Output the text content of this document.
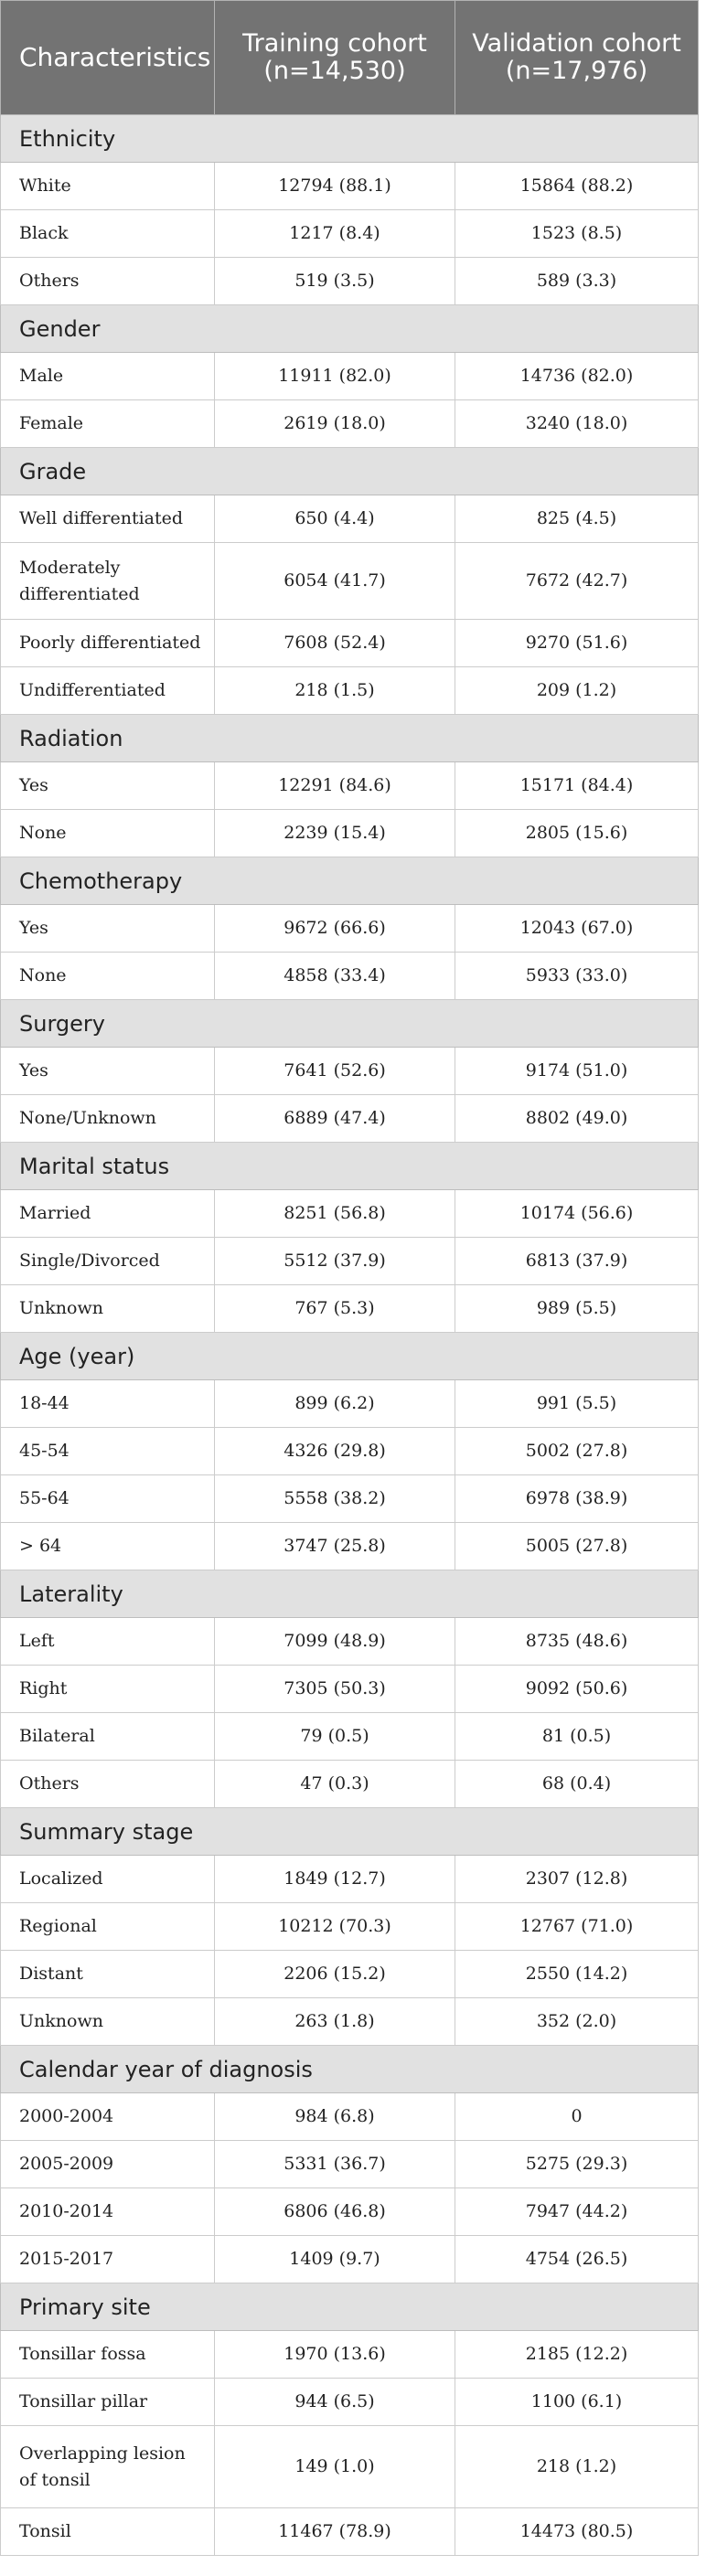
Characteristics	Training cohort (n=14,530)	Validation cohort (n=17,976)
Ethnicity		
White	12794 (88.1)	15864 (88.2)
Black	1217 (8.4)	1523 (8.5)
Others	519 (3.5)	589 (3.3)
Gender		
Male	11911 (82.0)	14736 (82.0)
Female	2619 (18.0)	3240 (18.0)
Grade		
Well differentiated	650 (4.4)	825 (4.5)
Moderately differentiated	6054 (41.7)	7672 (42.7)
Poorly differentiated	7608 (52.4)	9270 (51.6)
Undifferentiated	218 (1.5)	209 (1.2)
Radiation		
Yes	12291 (84.6)	15171 (84.4)
None	2239 (15.4)	2805 (15.6)
Chemotherapy		
Yes	9672 (66.6)	12043 (67.0)
None	4858 (33.4)	5933 (33.0)
Surgery		
Yes	7641 (52.6)	9174 (51.0)
None/Unknown	6889 (47.4)	8802 (49.0)
Marital status		
Married	8251 (56.8)	10174 (56.6)
Single/Divorced	5512 (37.9)	6813 (37.9)
Unknown	767 (5.3)	989 (5.5)
Age (year)		
18-44	899 (6.2)	991 (5.5)
45-54	4326 (29.8)	5002 (27.8)
55-64	5558 (38.2)	6978 (38.9)
> 64	3747 (25.8)	5005 (27.8)
Laterality		
Left	7099 (48.9)	8735 (48.6)
Right	7305 (50.3)	9092 (50.6)
Bilateral	79 (0.5)	81 (0.5)
Others	47 (0.3)	68 (0.4)
Summary stage		
Localized	1849 (12.7)	2307 (12.8)
Regional	10212 (70.3)	12767 (71.0)
Distant	2206 (15.2)	2550 (14.2)
Unknown	263 (1.8)	352 (2.0)
Calendar year of diagnosis		
2000-2004	984 (6.8)	0
2005-2009	5331 (36.7)	5275 (29.3)
2010-2014	6806 (46.8)	7947 (44.2)
2015-2017	1409 (9.7)	4754 (26.5)
Primary site		
Tonsillar fossa	1970 (13.6)	2185 (12.2)
Tonsillar pillar	944 (6.5)	1100 (6.1)
Overlapping lesion of tonsil	149 (1.0)	218 (1.2)
Tonsil	11467 (78.9)	14473 (80.5)
